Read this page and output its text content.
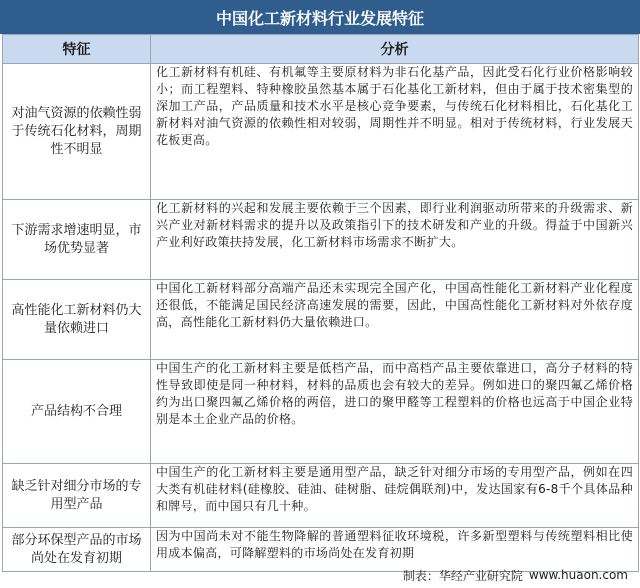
中国化工新材料行业发展特征
特征	分析
对油气资源的依赖性弱于传统石化材料，周期性不明显	化工新材料有机硅、有机氟等主要原材料为非石化基产品，因此受石化行业价格影响较小；而工程塑料、特种橡胶虽然基本属于石化基化工新材料，但由于属于技术密集型的深加工产品，产品质量和技术水平是核心竞争要素，与传统石化材料相比，石化基化工新材料对油气资源的依赖性相对较弱，周期性并不明显。相对于传统材料，行业发展天花板更高。
下游需求增速明显，市场优势显著	化工新材料的兴起和发展主要依赖于三个因素，即行业利润驱动所带来的升级需求、新兴产业对新材料需求的提升以及政策指引下的技术研发和产业的升级。得益于中国新兴产业利好政策扶持发展，化工新材料市场需求不断扩大。
高性能化工新材料仍大量依赖进口	中国化工新材料部分高端产品还未实现完全国产化，中国高性能化工新材料产业化程度还很低，不能满足国民经济高速发展的需要，因此，中国高性能化工新材料对外依存度高，高性能化工新材料仍大量依赖进口。
产品结构不合理	中国生产的化工新材料主要是低档产品，而中高档产品主要依靠进口，高分子材料的特性导致即使是同一种材料，材料的品质也会有较大的差异。例如进口的聚四氟乙烯价格约为出口聚四氟乙烯价格的两倍，进口的聚甲醛等工程塑料的价格也远高于中国企业特别是本土企业产品的价格。
缺乏针对细分市场的专用型产品	中国生产的化工新材料主要是通用型产品，缺乏针对细分市场的专用型产品，例如在四大类有机硅材料(硅橡胶、硅油、硅树脂、硅烷偶联剂)中，发达国家有6-8千个具体品种和牌号，而中国只有几十种。
部分环保型产品的市场尚处在发育初期	因为中国尚未对不能生物降解的普通塑料征收环境税，许多新型塑料与传统塑料相比使用成本偏高，可降解塑料的市场尚处在发育初期
制表：华经产业研究院 www.huaon.com
